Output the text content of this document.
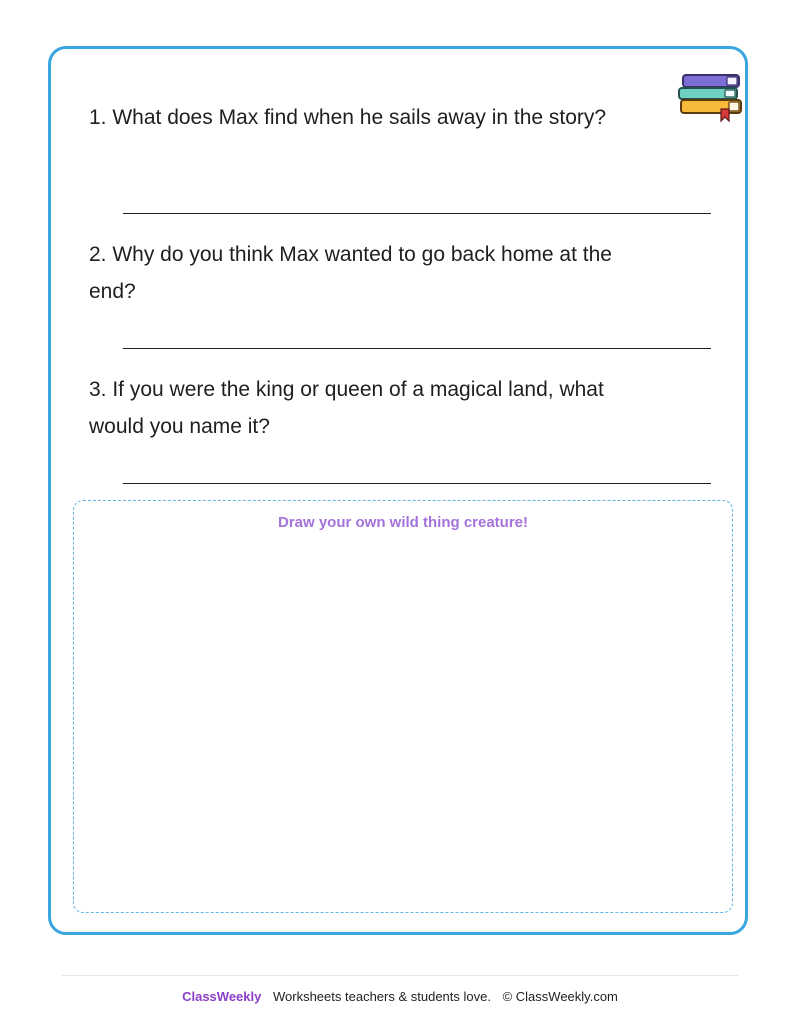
1. What does Max find when he sails away in the story?
2. Why do you think Max wanted to go back home at the end?
3. If you were the king or queen of a magical land, what would you name it?
Draw your own wild thing creature!
ClassWeekly Worksheets teachers & students love. © ClassWeekly.com
